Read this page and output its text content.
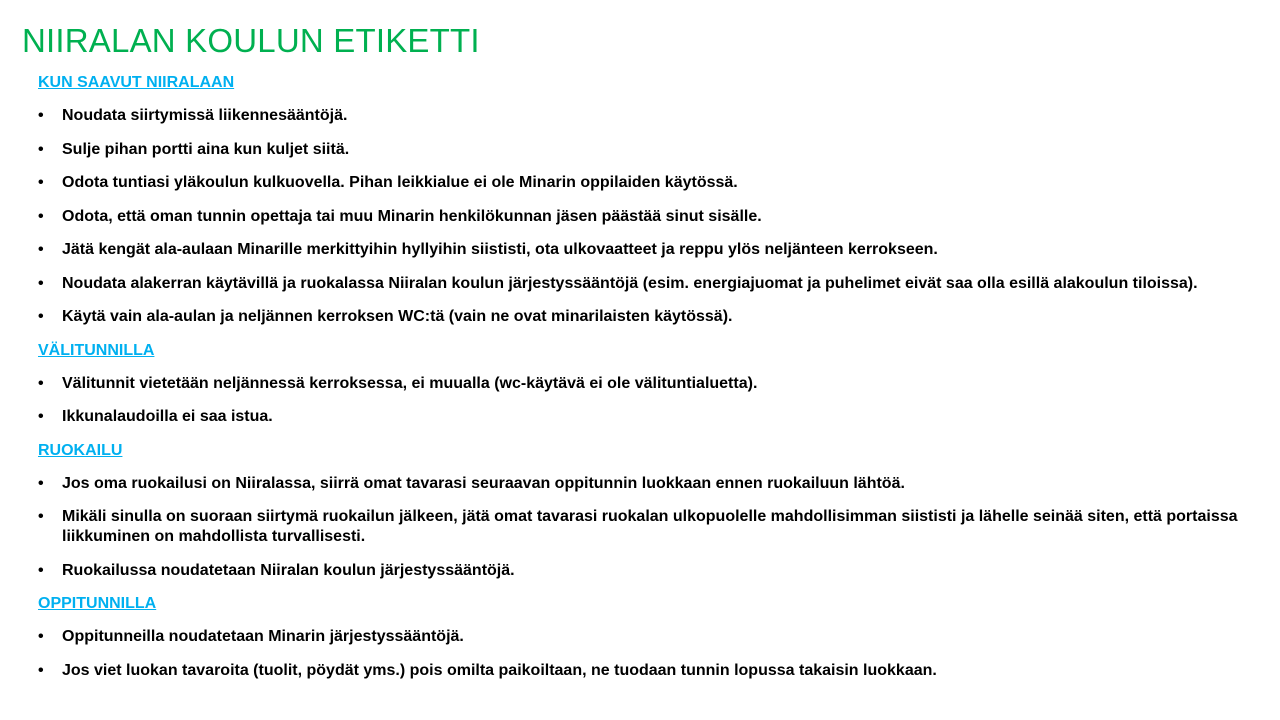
NIIRALAN KOULUN ETIKETTI
KUN SAAVUT NIIRALAAN
•	Noudata siirtymissä liikennesääntöjä.
•	Sulje pihan portti aina kun kuljet siitä.
•	Odota tuntiasi yläkoulun kulkuovella. Pihan leikkialue ei ole Minarin oppilaiden käytössä.
•	Odota, että oman tunnin opettaja tai muu Minarin henkilökunnan jäsen päästää sinut sisälle.
•	Jätä kengät ala-aulaan Minarille merkittyihin hyllyihin siististi, ota ulkovaatteet ja reppu ylös neljänteen kerrokseen.
•	Noudata alakerran käytävillä ja ruokalassa Niiralan koulun järjestyssääntöjä (esim. energiajuomat ja puhelimet eivät saa olla esillä alakoulun tiloissa).
•	Käytä vain ala-aulan ja neljännen kerroksen WC:tä (vain ne ovat minarilaisten käytössä).
VÄLITUNNILLA
•	Välitunnit vietetään neljännessä kerroksessa, ei muualla (wc-käytävä ei ole välituntialuetta).
•	Ikkunalaudoilla ei saa istua.
RUOKAILU
•	Jos oma ruokailusi on Niiralassa, siirrä omat tavarasi seuraavan oppitunnin luokkaan ennen ruokailuun lähtöä.
•	Mikäli sinulla on suoraan siirtymä ruokailun jälkeen, jätä omat tavarasi ruokalan ulkopuolelle mahdollisimman siististi ja lähelle seinää siten, että portaissa liikkuminen on mahdollista turvallisesti.
•	Ruokailussa noudatetaan Niiralan koulun järjestyssääntöjä.
OPPITUNNILLA
•	Oppitunneilla noudatetaan Minarin järjestyssääntöjä.
•	Jos viet luokan tavaroita (tuolit, pöydät yms.) pois omilta paikoiltaan, ne tuodaan tunnin lopussa takaisin luokkaan.
